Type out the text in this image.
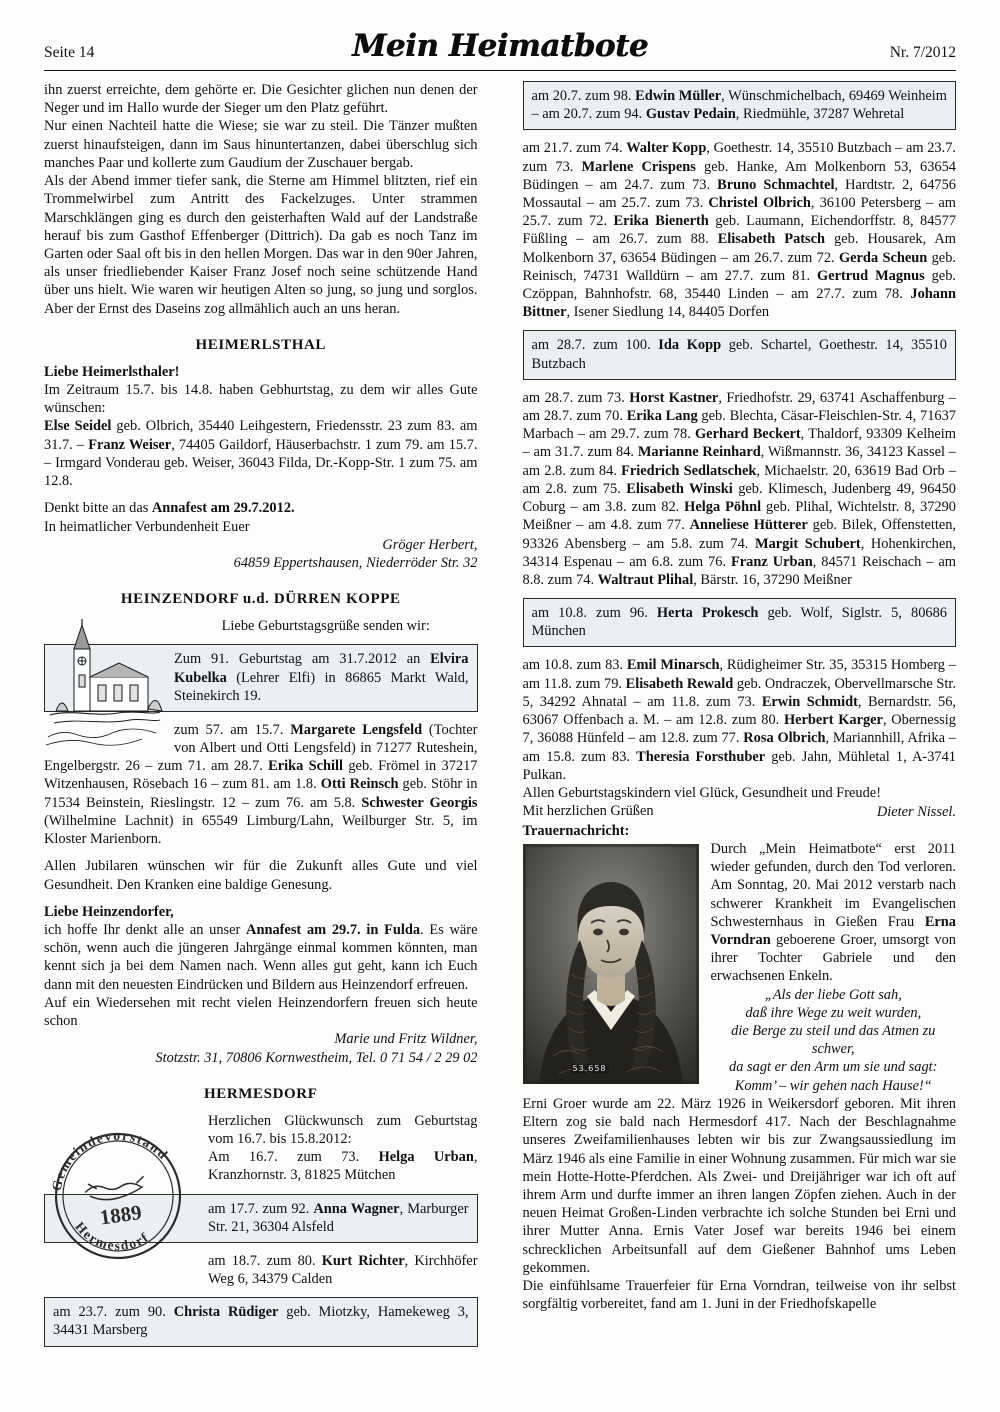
Seite 14	Mein Heimatbote	Nr. 7/2012

ihn zuerst erreichte, dem gehörte er. Die Gesichter glichen nun denen der Neger und im Hallo wurde der Sieger um den Platz geführt.

Nur einen Nachteil hatte die Wiese; sie war zu steil. Die Tänzer mußten zuerst hinaufsteigen, dann im Saus hinuntertanzen, dabei überschlug sich manches Paar und kollerte zum Gaudium der Zuschauer bergab.

Als der Abend immer tiefer sank, die Sterne am Himmel blitzten, rief ein Trommelwirbel zum Antritt des Fackelzuges. Unter strammen Marschklängen ging es durch den geisterhaften Wald auf der Landstraße herauf bis zum Gasthof Effenberger (Dittrich). Da gab es noch Tanz im Garten oder Saal oft bis in den hellen Morgen. Das war in den 90er Jahren, als unser friedliebender Kaiser Franz Josef noch seine schützende Hand über uns hielt. Wie waren wir heutigen Alten so jung, so jung und sorglos. Aber der Ernst des Daseins zog allmählich auch an uns heran.

HEIMERLSTHAL

Liebe Heimerlsthaler!

Im Zeitraum 15.7. bis 14.8. haben Gebhurtstag, zu dem wir alles Gute wünschen:

Else Seidel geb. Olbrich, 35440 Leihgestern, Friedensstr. 23 zum 83. am 31.7. – Franz Weiser, 74405 Gaildorf, Häuserbachstr. 1 zum 79. am 15.7. – Irmgard Vonderau geb. Weiser, 36043 Filda, Dr.-Kopp-Str. 1 zum 75. am 12.8.

Denkt bitte an das Annafest am 29.7.2012.

In heimatlicher Verbundenheit Euer

Gröger Herbert,
64859 Eppertshausen, Niederröder Str. 32
HEINZENDORF u.d. DÜRREN KOPPE

Liebe Geburtstagsgrüße senden wir:

Zum 91. Geburtstag am 31.7.2012 an Elvira Kubelka (Lehrer Elfi) in 86865 Markt Wald, Steinekirch 19.

zum 57. am 15.7. Margarete Lengsfeld (Tochter von Albert und Otti Lengsfeld) in 71277 Ruteshein, Engelbergstr. 26 – zum 71. am 28.7. Erika Schill geb. Frömel in 37217 Witzenhausen, Rösebach 16 – zum 81. am 1.8. Otti Reinsch geb. Stöhr in 71534 Beinstein, Rieslingstr. 12 – zum 76. am 5.8. Schwester Georgis (Wilhelmine Lachnit) in 65549 Limburg/Lahn, Weilburger Str. 5, im Kloster Marienborn.

Allen Jubilaren wünschen wir für die Zukunft alles Gute und viel Gesundheit. Den Kranken eine baldige Genesung.

Liebe Heinzendorfer,

ich hoffe Ihr denkt alle an unser Annafest am 29.7. in Fulda. Es wäre schön, wenn auch die jüngeren Jahrgänge einmal kommen könnten, man kennt sich ja bei dem Namen nach. Wenn alles gut geht, kann ich Euch dann mit den neuesten Eindrücken und Bildern aus Heinzendorf erfreuen.

Auf ein Wiedersehen mit recht vielen Heinzendorfern freuen sich heute schon

Marie und Fritz Wildner,
Stotzstr. 31, 70806 Kornwestheim, Tel. 0 71 54 / 2 29 02
HERMESDORF
Gemeindevorstand
Hermesdorf
1889

Herzlichen Glückwunsch zum Geburtstag vom 16.7. bis 15.8.2012:

Am 16.7. zum 73. Helga Urban, Kranzhornstr. 3, 81825 Mütchen

am 17.7. zum 92. Anna Wagner, Marburger Str. 21, 36304 Alsfeld

am 18.7. zum 80. Kurt Richter, Kirchhöfer Weg 6, 34379 Calden

am 23.7. zum 90. Christa Rüdiger geb. Miotzky, Hamekeweg 3, 34431 Marsberg
am 20.7. zum 98. Edwin Müller, Wünschmichelbach, 69469 Weinheim – am 20.7. zum 94. Gustav Pedain, Riedmühle, 37287 Wehretal

am 21.7. zum 74. Walter Kopp, Goethestr. 14, 35510 Butzbach – am 23.7. zum 73. Marlene Crispens geb. Hanke, Am Molkenborn 53, 63654 Büdingen – am 24.7. zum 73. Bruno Schmachtel, Hardtstr. 2, 64756 Mossautal – am 25.7. zum 73. Christel Olbrich, 36100 Petersberg – am 25.7. zum 72. Erika Bienerth geb. Laumann, Eichendorffstr. 8, 84577 Füßling – am 26.7. zum 88. Elisabeth Patsch geb. Housarek, Am Molkenborn 37, 63654 Büdingen – am 26.7. zum 72. Gerda Scheun geb. Reinisch, 74731 Walldürn – am 27.7. zum 81. Gertrud Magnus geb. Czöppan, Bahnhofstr. 68, 35440 Linden – am 27.7. zum 78. Johann Bittner, Isener Siedlung 14, 84405 Dorfen

am 28.7. zum 100. Ida Kopp geb. Schartel, Goethestr. 14, 35510 Butzbach

am 28.7. zum 73. Horst Kastner, Friedhofstr. 29, 63741 Aschaffenburg – am 28.7. zum 70. Erika Lang geb. Blechta, Cäsar-Fleischlen-Str. 4, 71637 Marbach – am 29.7. zum 78. Gerhard Beckert, Thaldorf, 93309 Kelheim – am 31.7. zum 84. Marianne Reinhard, Wißmannstr. 36, 34123 Kassel – am 2.8. zum 84. Friedrich Sedlatschek, Michaelstr. 20, 63619 Bad Orb – am 2.8. zum 75. Elisabeth Winski geb. Klimesch, Judenberg 49, 96450 Coburg – am 3.8. zum 82. Helga Pöhnl geb. Plihal, Wichtelstr. 8, 37290 Meißner – am 4.8. zum 77. Anneliese Hütterer geb. Bilek, Offenstetten, 93326 Abensberg – am 5.8. zum 74. Margit Schubert, Hohenkirchen, 34314 Espenau – am 6.8. zum 76. Franz Urban, 84571 Reischach – am 8.8. zum 74. Waltraut Plihal, Bärstr. 16, 37290 Meißner

am 10.8. zum 96. Herta Prokesch geb. Wolf, Siglstr. 5, 80686 München

am 10.8. zum 83. Emil Minarsch, Rüdigheimer Str. 35, 35315 Homberg – am 11.8. zum 79. Elisabeth Rewald geb. Ondraczek, Obervellmarsche Str. 5, 34292 Ahnatal – am 11.8. zum 73. Erwin Schmidt, Bernardstr. 56, 63067 Offenbach a. M. – am 12.8. zum 80. Herbert Karger, Obernessig 7, 36088 Hünfeld – am 12.8. zum 77. Rosa Olbrich, Mariannhill, Afrika – am 15.8. zum 83. Theresia Forsthuber geb. Jahn, Mühletal 1, A-3741 Pulkan.

Allen Geburtstagskindern viel Glück, Gesundheit und Freude!

Mit herzlichen Grüßen	Dieter Nissel.

Trauernachricht:

53.658

Durch „Mein Heimatbote“ erst 2011 wieder gefunden, durch den Tod verloren. Am Sonntag, 20. Mai 2012 verstarb nach schwerer Krankheit im Evangelischen Schwesternhaus in Gießen Frau Erna Vorndran geboerene Groer, umsorgt von ihrer Tochter Gabriele und den erwachsenen Enkeln.

„Als der liebe Gott sah,
daß ihre Wege zu weit wurden,
die Berge zu steil und das Atmen zu schwer,
da sagt er den Arm um sie und sagt:
Komm’ – wir gehen nach Hause!“

Erni Groer wurde am 22. März 1926 in Weikersdorf geboren. Mit ihren Eltern zog sie bald nach Hermesdorf 417. Nach der Beschlagnahme unseres Zweifamilienhauses lebten wir bis zur Zwangsaussiedlung im März 1946 als eine Familie in einer Wohnung zusammen. Für mich war sie mein Hotte-Hotte-Pferdchen. Als Zwei- und Dreijähriger war ich oft auf ihrem Arm und durfte immer an ihren langen Zöpfen ziehen. Auch in der neuen Heimat Großen-Linden verbrachte ich solche Stunden bei Erni und ihrer Mutter Anna. Ernis Vater Josef war bereits 1946 bei einem schrecklichen Arbeitsunfall auf dem Gießener Bahnhof ums Leben gekommen.

Die einfühlsame Trauerfeier für Erna Vorndran, teilweise von ihr selbst sorgfältig vorbereitet, fand am 1. Juni in der Friedhofskapelle
